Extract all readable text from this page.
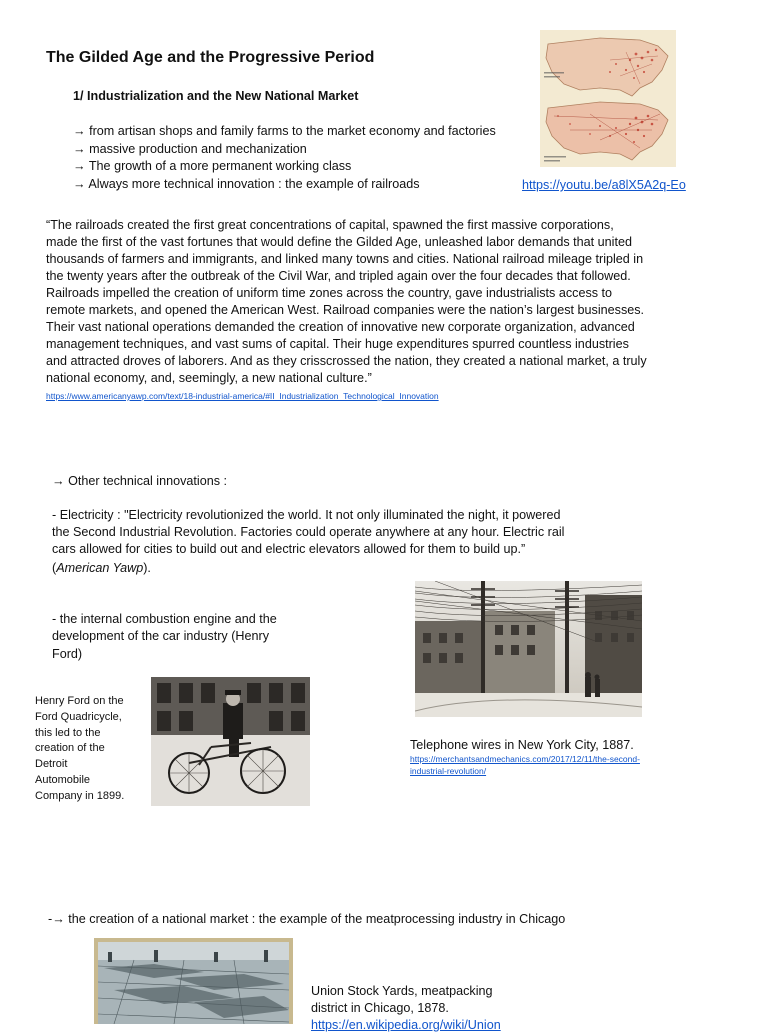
The Gilded Age and the Progressive Period
1/ Industrialization and the New National Market
→ from artisan shops and family farms to the market economy and factories
→ massive production and mechanization
→ The growth of a more permanent working class
→ Always more technical innovation : the example of railroads	https://youtu.be/a8lX5A2q-Eo

“The railroads created the first great concentrations of capital, spawned the first massive corporations,

made the first of the vast fortunes that would define the Gilded Age, unleashed labor demands that united

thousands of farmers and immigrants, and linked many towns and cities. National railroad mileage tripled in

the twenty years after the outbreak of the Civil War, and tripled again over the four decades that followed.

Railroads impelled the creation of uniform time zones across the country, gave industrialists access to

remote markets, and opened the American West. Railroad companies were the nation’s largest businesses.

Their vast national operations demanded the creation of innovative new corporate organization, advanced

management techniques, and vast sums of capital. Their huge expenditures spurred countless industries

and attracted droves of laborers. And as they crisscrossed the nation, they created a national market, a truly

national economy, and, seemingly, a new national culture.”

https://www.americanyawp.com/text/18-industrial-america/#II_Industrialization_Technological_Innovation
→ Other technical innovations :
- Electricity : "Electricity revolutionized the world. It not only illuminated the night, it powered
the Second Industrial Revolution. Factories could operate anywhere at any hour. Electric rail
cars allowed for cities to build out and electric elevators allowed for them to build up.”
(American Yawp).
- the internal combustion engine and the
development of the car industry (Henry
Ford)
Telephone wires in New York City, 1887.
https://merchantsandmechanics.com/2017/12/11/the-second-
industrial-revolution/
Henry Ford on the
Ford Quadricycle,
this led to the
creation of the
Detroit
Automobile
Company in 1899.
-→ the creation of a national market : the example of the meatprocessing industry in Chicago
Union Stock Yards, meatpacking
district in Chicago, 1878.
https://en.wikipedia.org/wiki/Union
